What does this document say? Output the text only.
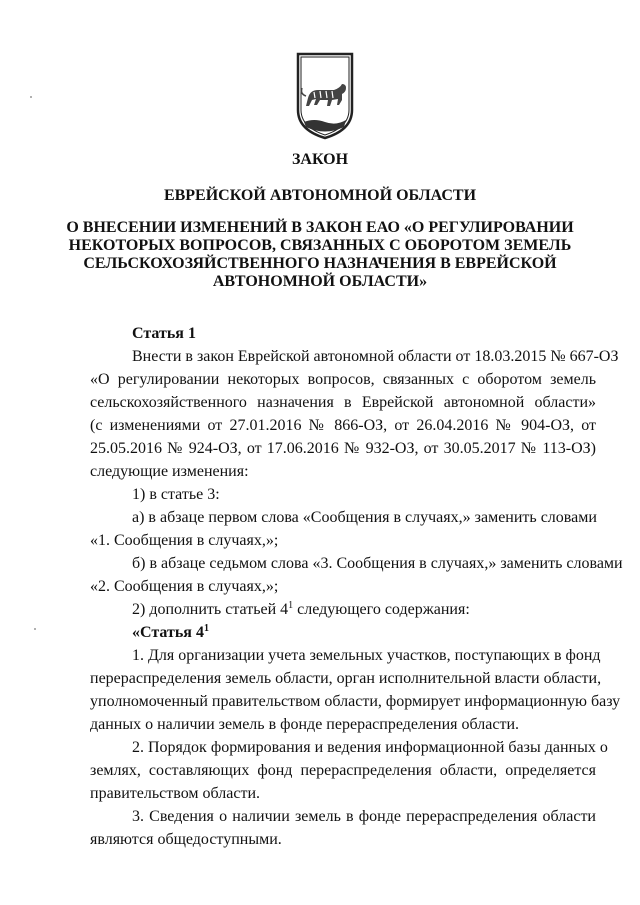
ЗАКОН

ЕВРЕЙСКОЙ АВТОНОМНОЙ ОБЛАСТИ

О ВНЕСЕНИИ ИЗМЕНЕНИЙ В ЗАКОН ЕАО «О РЕГУЛИРОВАНИИ
НЕКОТОРЫХ ВОПРОСОВ, СВЯЗАННЫХ С ОБОРОТОМ ЗЕМЕЛЬ
СЕЛЬСКОХОЗЯЙСТВЕННОГО НАЗНАЧЕНИЯ В ЕВРЕЙСКОЙ
АВТОНОМНОЙ ОБЛАСТИ»

Статья 1

Внести в закон Еврейской автономной области от 18.03.2015 № 667-ОЗ

«О регулировании некоторых вопросов, связанных с оборотом земель

сельскохозяйственного назначения в Еврейской автономной области»

(с изменениями от 27.01.2016 № 866-ОЗ, от 26.04.2016 № 904-ОЗ, от

25.05.2016 № 924-ОЗ, от 17.06.2016 № 932-ОЗ, от 30.05.2017 № 113-ОЗ)

следующие изменения:

1) в статье 3:

а) в абзаце первом слова «Сообщения в случаях,» заменить словами

«1. Сообщения в случаях,»;

б) в абзаце седьмом слова «3. Сообщения в случаях,» заменить словами

«2. Сообщения в случаях,»;

2) дополнить статьей $4^1$ следующего содержания:

«Статья $4^1$

1. Для организации учета земельных участков, поступающих в фонд

перераспределения земель области, орган исполнительной власти области,

уполномоченный правительством области, формирует информационную базу

данных о наличии земель в фонде перераспределения области.

2. Порядок формирования и ведения информационной базы данных о

землях, составляющих фонд перераспределения области, определяется

правительством области.

3. Сведения о наличии земель в фонде перераспределения области

являются общедоступными.
